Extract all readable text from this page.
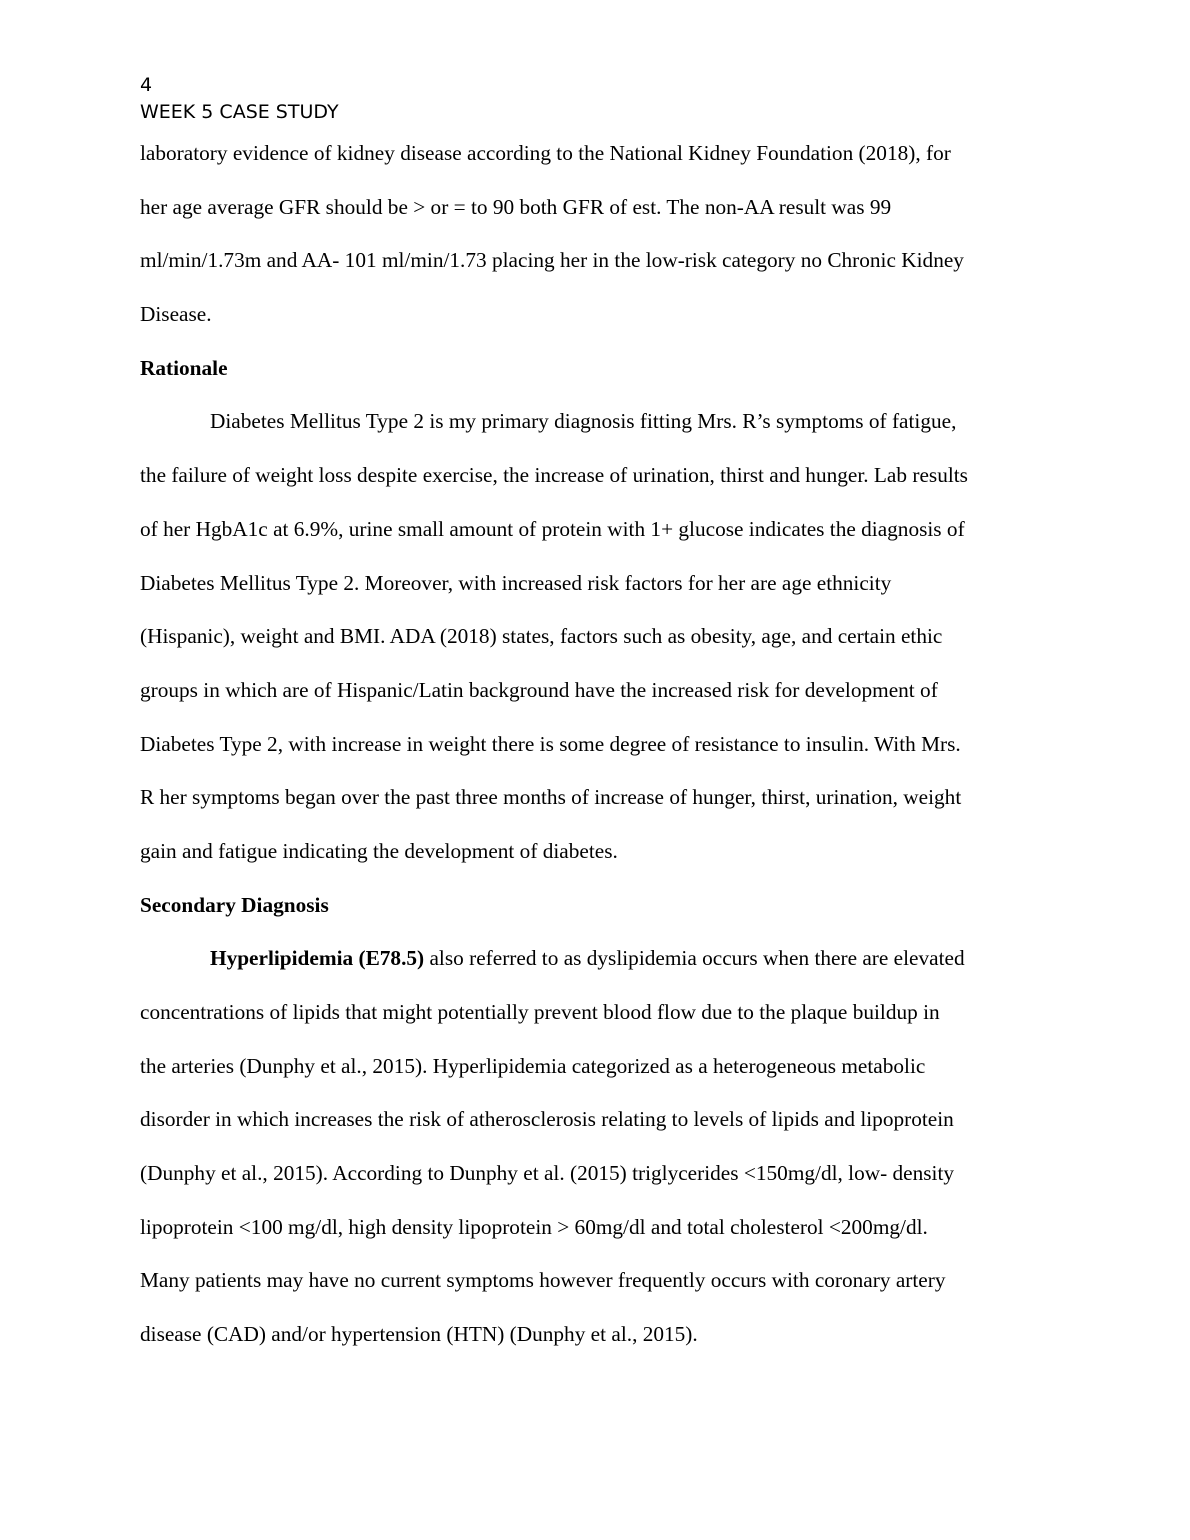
4
WEEK 5 CASE STUDY
laboratory evidence of kidney disease according to the National Kidney Foundation (2018), for
her age average GFR should be > or = to 90 both GFR of est. The non-AA result was 99
ml/min/1.73m and AA- 101 ml/min/1.73 placing her in the low-risk category no Chronic Kidney
Disease.
Rationale
Diabetes Mellitus Type 2 is my primary diagnosis fitting Mrs. R’s symptoms of fatigue,
the failure of weight loss despite exercise, the increase of urination, thirst and hunger. Lab results
of her HgbA1c at 6.9%, urine small amount of protein with 1+ glucose indicates the diagnosis of
Diabetes Mellitus Type 2. Moreover, with increased risk factors for her are age ethnicity
(Hispanic), weight and BMI. ADA (2018) states, factors such as obesity, age, and certain ethic
groups in which are of Hispanic/Latin background have the increased risk for development of
Diabetes Type 2, with increase in weight there is some degree of resistance to insulin. With Mrs.
R her symptoms began over the past three months of increase of hunger, thirst, urination, weight
gain and fatigue indicating the development of diabetes.
Secondary Diagnosis
Hyperlipidemia (E78.5) also referred to as dyslipidemia occurs when there are elevated
concentrations of lipids that might potentially prevent blood flow due to the plaque buildup in
the arteries (Dunphy et al., 2015). Hyperlipidemia categorized as a heterogeneous metabolic
disorder in which increases the risk of atherosclerosis relating to levels of lipids and lipoprotein
(Dunphy et al., 2015). According to Dunphy et al. (2015) triglycerides <150mg/dl, low- density
lipoprotein <100 mg/dl, high density lipoprotein > 60mg/dl and total cholesterol <200mg/dl.
Many patients may have no current symptoms however frequently occurs with coronary artery
disease (CAD) and/or hypertension (HTN) (Dunphy et al., 2015).
